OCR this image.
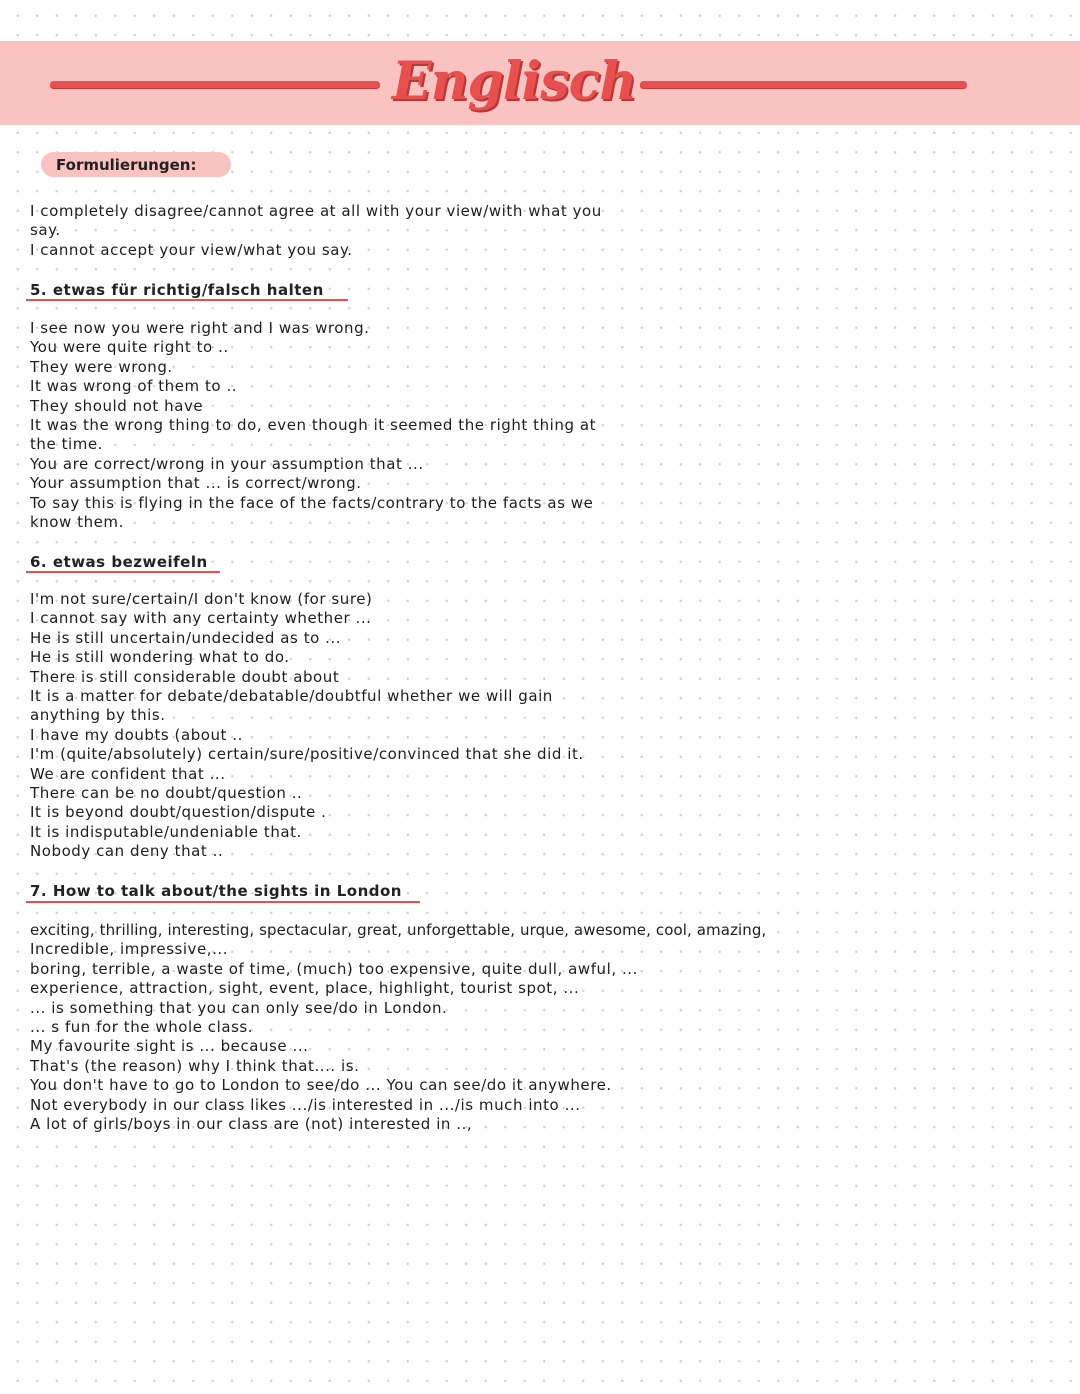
Englisch
Formulierungen:
I completely disagree/cannot agree at all with your view/with what you
say.
I cannot accept your view/what you say.
5. etwas für richtig/falsch halten
I see now you were right and I was wrong.
You were quite right to ..
They were wrong.
It was wrong of them to ..
They should not have
It was the wrong thing to do, even though it seemed the right thing at
the time.
You are correct/wrong in your assumption that ...
Your assumption that ... is correct/wrong.
To say this is flying in the face of the facts/contrary to the facts as we
know them.
6. etwas bezweifeln
I'm not sure/certain/I don't know (for sure)
I cannot say with any certainty whether ...
He is still uncertain/undecided as to ...
He is still wondering what to do.
There is still considerable doubt about
It is a matter for debate/debatable/doubtful whether we will gain
anything by this.
I have my doubts (about ..
I'm (quite/absolutely) certain/sure/positive/convinced that she did it.
We are confident that ...
There can be no doubt/question ..
It is beyond doubt/question/dispute .
It is indisputable/undeniable that.
Nobody can deny that ..
7. How to talk about/the sights in London
exciting, thrilling, interesting, spectacular, great, unforgettable, urque, awesome, cool, amazing,
Incredible, impressive,...
boring, terrible, a waste of time, (much) too expensive, quite dull, awful, ...
experience, attraction, sight, event, place, highlight, tourist spot, ...
... is something that you can only see/do in London.
... s fun for the whole class.
My favourite sight is ... because ...
That's (the reason) why I think that.... is.
You don't have to go to London to see/do ... You can see/do it anywhere.
Not everybody in our class likes .../is interested in .../is much into ...
A lot of girls/boys in our class are (not) interested in ..,
